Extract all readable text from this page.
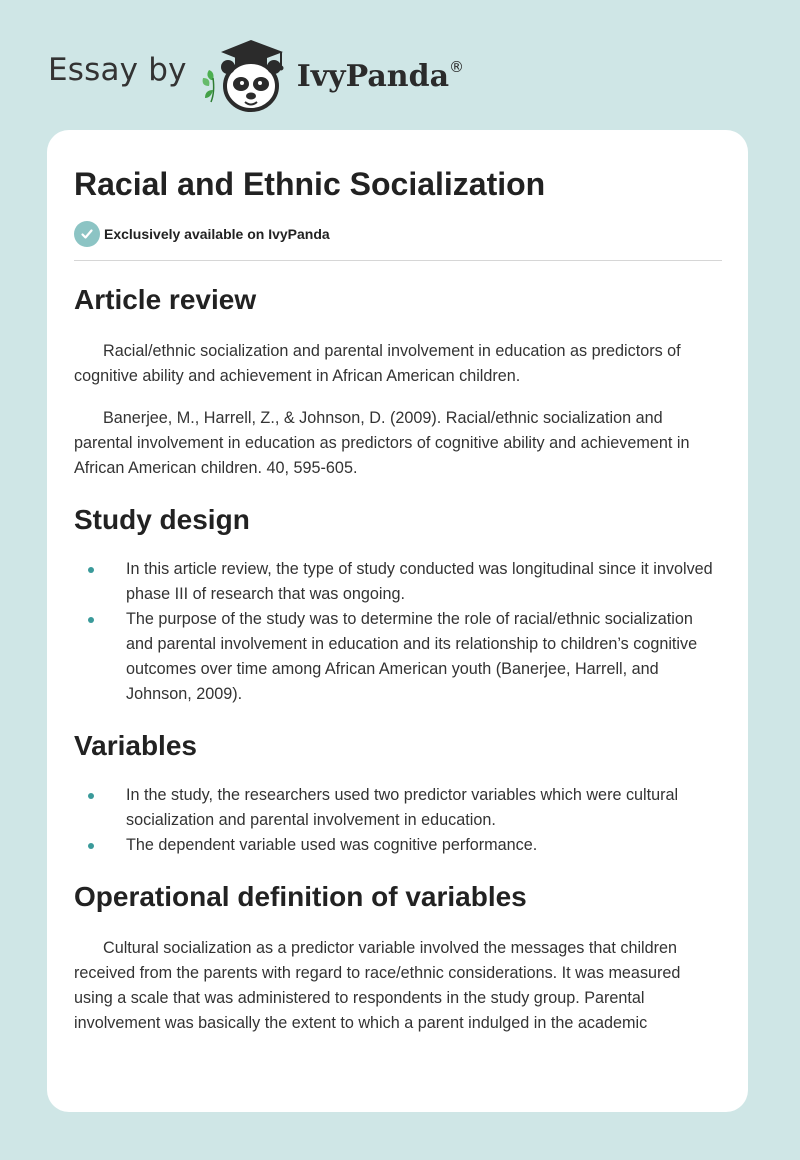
Essay by	IvyPanda®
Racial and Ethnic Socialization
Exclusively available on IvyPanda
Article review

Racial/ethnic socialization and parental involvement in education as predictors of cognitive ability and achievement in African American children.

Banerjee, M., Harrell, Z., & Johnson, D. (2009). Racial/ethnic socialization and parental involvement in education as predictors of cognitive ability and achievement in African American children. 40, 595-605.

Study design
In this article review, the type of study conducted was longitudinal since it involved phase III of research that was ongoing.
The purpose of the study was to determine the role of racial/ethnic socialization and parental involvement in education and its relationship to children’s cognitive outcomes over time among African American youth (Banerjee, Harrell, and Johnson, 2009).
Variables
In the study, the researchers used two predictor variables which were cultural socialization and parental involvement in education.
The dependent variable used was cognitive performance.
Operational definition of variables

Cultural socialization as a predictor variable involved the messages that children received from the parents with regard to race/ethnic considerations. It was measured using a scale that was administered to respondents in the study group. Parental involvement was basically the extent to which a parent indulged in the academic
